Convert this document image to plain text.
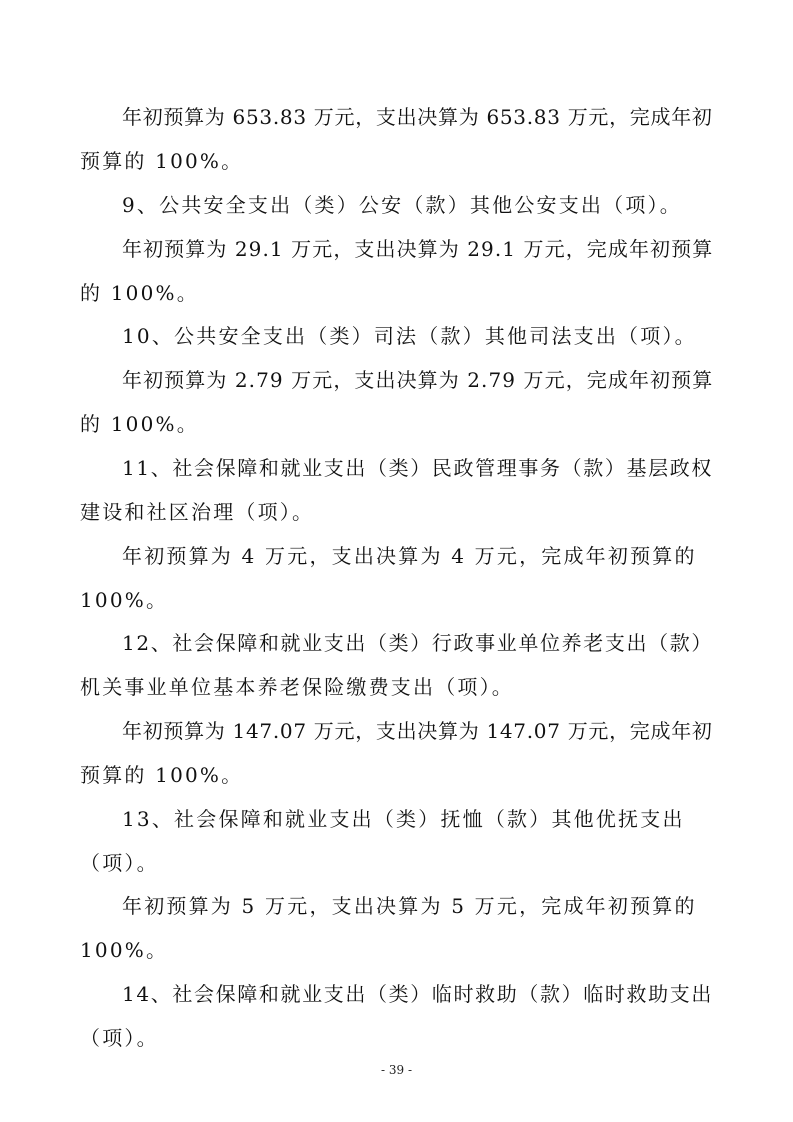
年初预算为 653.83 万元，支出决算为 653.83 万元，完成年初
预算的 100%。
9、公共安全支出（类）公安（款）其他公安支出（项）。
年初预算为 29.1 万元，支出决算为 29.1 万元，完成年初预算
的 100%。
10、公共安全支出（类）司法（款）其他司法支出（项）。
年初预算为 2.79 万元，支出决算为 2.79 万元，完成年初预算
的 100%。
11、社会保障和就业支出（类）民政管理事务（款）基层政权
建设和社区治理（项）。
年初预算为 4 万元，支出决算为 4 万元，完成年初预算的
100%。
12、社会保障和就业支出（类）行政事业单位养老支出（款）
机关事业单位基本养老保险缴费支出（项）。
年初预算为 147.07 万元，支出决算为 147.07 万元，完成年初
预算的 100%。
13、社会保障和就业支出（类）抚恤（款）其他优抚支出
（项）。
年初预算为 5 万元，支出决算为 5 万元，完成年初预算的
100%。
14、社会保障和就业支出（类）临时救助（款）临时救助支出
（项）。
- 39 -
